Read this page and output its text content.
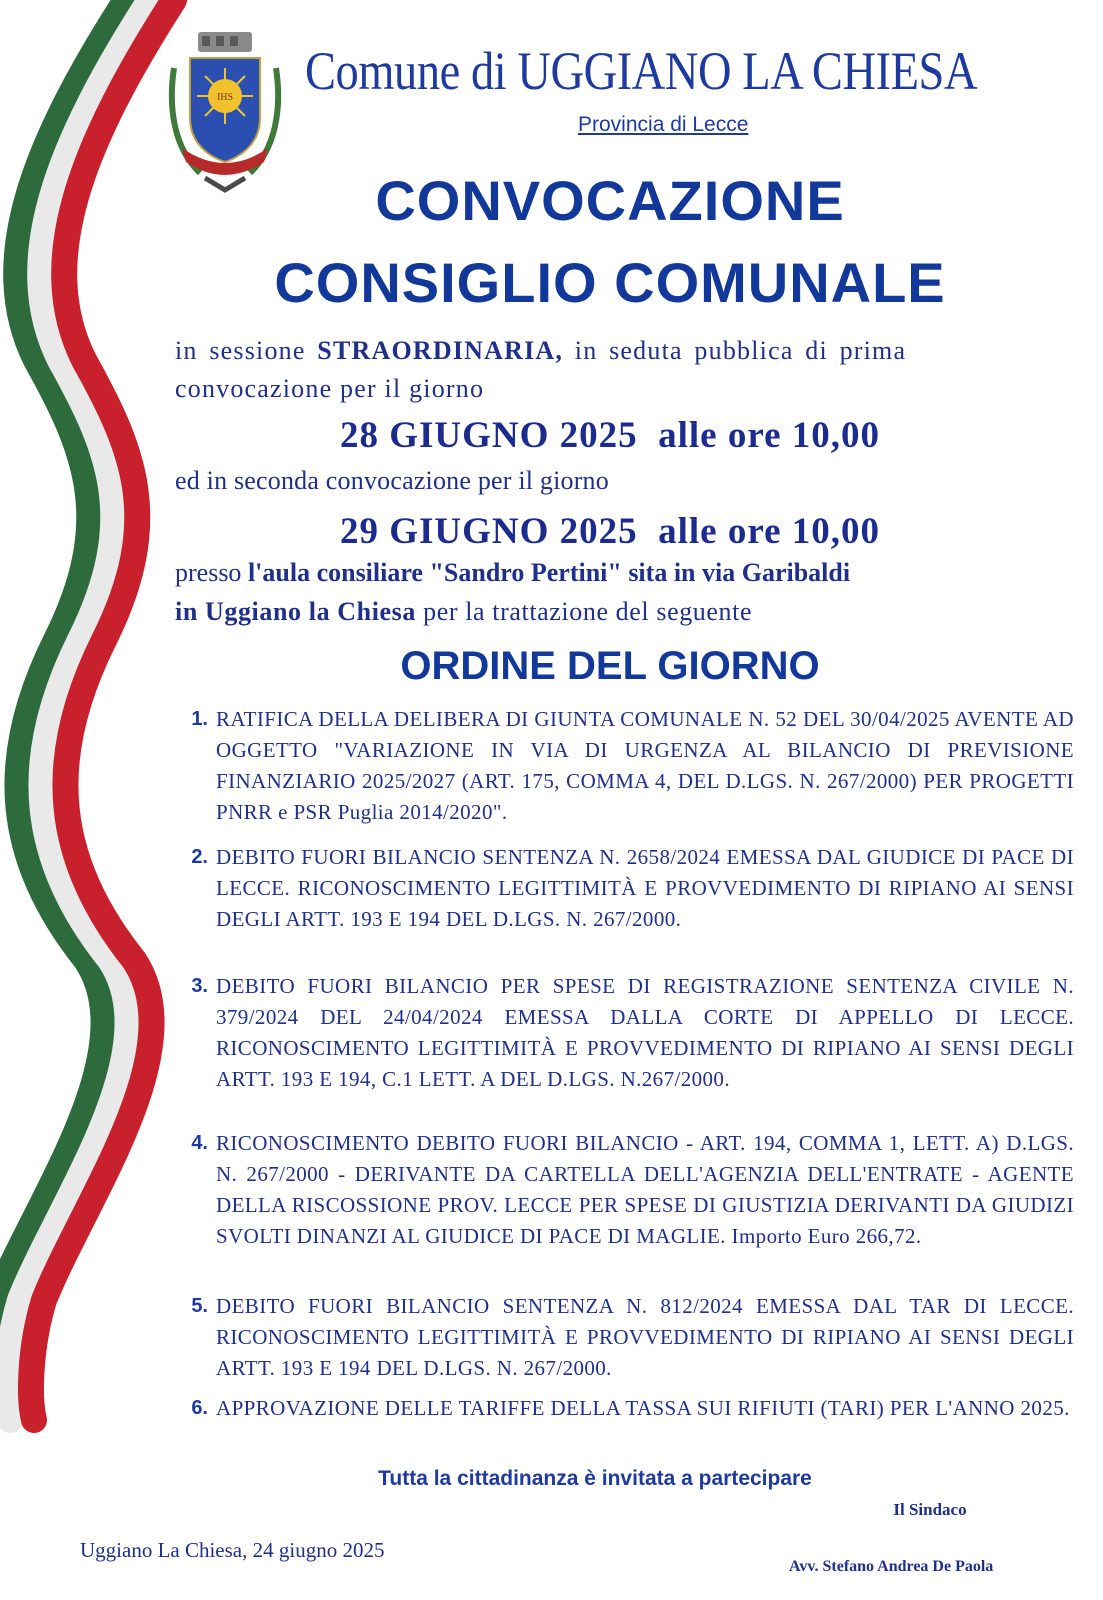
IHS Comune di UGGIANO LA CHIESA
Provincia di Lecce
CONVOCAZIONE
CONSIGLIO COMUNALE
in sessione STRAORDINARIA, in seduta pubblica di prima
convocazione per il giorno
28 GIUGNO 2025 alle ore 10,00
ed in seconda convocazione per il giorno
29 GIUGNO 2025 alle ore 10,00
presso l'aula consiliare "Sandro Pertini" sita in via Garibaldi
in Uggiano la Chiesa per la trattazione del seguente
ORDINE DEL GIORNO
1. RATIFICA DELLA DELIBERA DI GIUNTA COMUNALE N. 52 DEL 30/04/2025 AVENTE AD OGGETTO "VARIAZIONE IN VIA DI URGENZA AL BILANCIO DI PREVISIONE FINANZIARIO 2025/2027 (ART. 175, COMMA 4, DEL D.LGS. N. 267/2000) PER PROGETTI PNRR e PSR Puglia 2014/2020".
2. DEBITO FUORI BILANCIO SENTENZA N. 2658/2024 EMESSA DAL GIUDICE DI PACE DI LECCE. RICONOSCIMENTO LEGITTIMITÀ E PROVVEDIMENTO DI RIPIANO AI SENSI DEGLI ARTT. 193 E 194 DEL D.LGS. N. 267/2000.
3. DEBITO FUORI BILANCIO PER SPESE DI REGISTRAZIONE SENTENZA CIVILE N. 379/2024 DEL 24/04/2024 EMESSA DALLA CORTE DI APPELLO DI LECCE. RICONOSCIMENTO LEGITTIMITÀ E PROVVEDIMENTO DI RIPIANO AI SENSI DEGLI ARTT. 193 E 194, C.1 LETT. A DEL D.LGS. N.267/2000.
4. RICONOSCIMENTO DEBITO FUORI BILANCIO - ART. 194, COMMA 1, LETT. A) D.LGS. N. 267/2000 - DERIVANTE DA CARTELLA DELL'AGENZIA DELL'ENTRATE - AGENTE DELLA RISCOSSIONE PROV. LECCE PER SPESE DI GIUSTIZIA DERIVANTI DA GIUDIZI SVOLTI DINANZI AL GIUDICE DI PACE DI MAGLIE. Importo Euro 266,72.
5. DEBITO FUORI BILANCIO SENTENZA N. 812/2024 EMESSA DAL TAR DI LECCE. RICONOSCIMENTO LEGITTIMITÀ E PROVVEDIMENTO DI RIPIANO AI SENSI DEGLI ARTT. 193 E 194 DEL D.LGS. N. 267/2000.
6. APPROVAZIONE DELLE TARIFFE DELLA TASSA SUI RIFIUTI (TARI) PER L'ANNO 2025.
Tutta la cittadinanza è invitata a partecipare
Uggiano La Chiesa, 24 giugno 2025
Il Sindaco
Avv. Stefano Andrea De Paola
